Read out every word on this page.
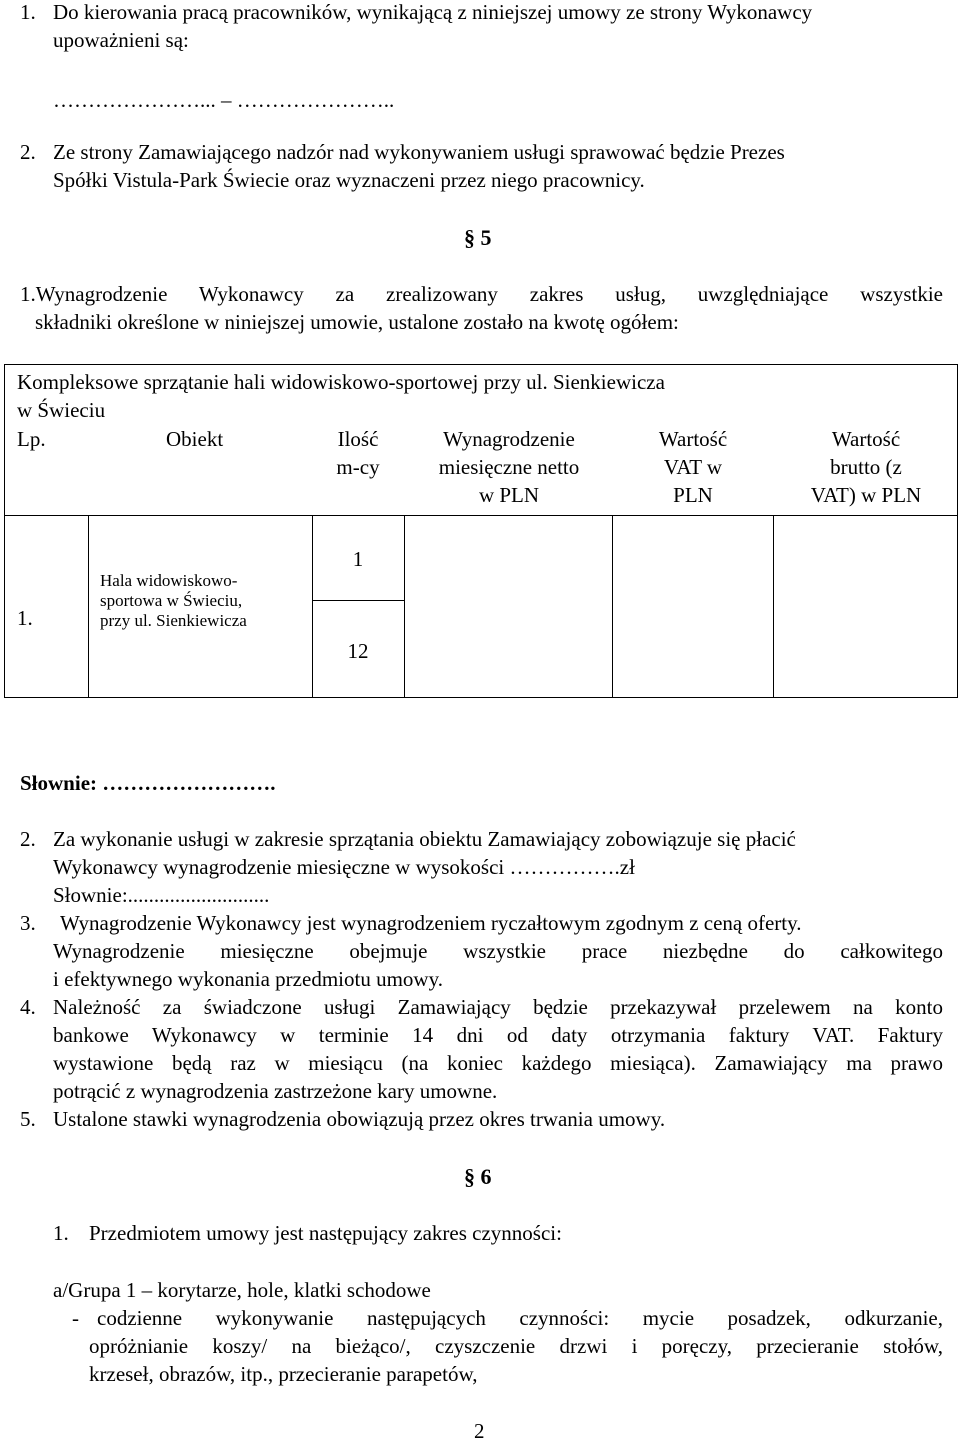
1. Do kierowania pracą pracowników, wynikającą z niniejszej umowy ze strony Wykonawcy
upoważnieni są:
…………………... – …………………..
2. Ze strony Zamawiającego nadzór nad wykonywaniem usługi sprawować będzie Prezes
Spółki Vistula-Park Świecie oraz wyznaczeni przez niego pracownicy.
§ 5
1.Wynagrodzenie Wykonawcy za zrealizowany zakres usług, uwzględniające wszystkie
składniki określone w niniejszej umowie, ustalone zostało na kwotę ogółem:
Kompleksowe sprzątanie hali widowiskowo-sportowej przy ul. Sienkiewicza
w Świeciu
Lp.	Obiekt	Ilość
m-cy
Wynagrodzenie
miesięczne netto
w PLN
Wartość
VAT w
PLN
Wartość
brutto (z
VAT) w PLN
1.
Hala widowiskowo-sportowa w Świeciu, przy ul. Sienkiewicza
1
12
Słownie: …………………….
2. Za wykonanie usługi w zakresie sprzątania obiektu Zamawiający zobowiązuje się płacić
Wykonawcy wynagrodzenie miesięczne w wysokości …………….zł
Słownie:...........................
3. Wynagrodzenie Wykonawcy jest wynagrodzeniem ryczałtowym zgodnym z ceną oferty.
Wynagrodzenie miesięczne obejmuje wszystkie prace niezbędne do całkowitego
i efektywnego wykonania przedmiotu umowy.
4. Należność za świadczone usługi Zamawiający będzie przekazywał przelewem na konto
bankowe Wykonawcy w terminie 14 dni od daty otrzymania faktury VAT. Faktury
wystawione będą raz w miesiącu (na koniec każdego miesiąca). Zamawiający ma prawo
potrącić z wynagrodzenia zastrzeżone kary umowne.
5. Ustalone stawki wynagrodzenia obowiązują przez okres trwania umowy.
§ 6
1. Przedmiotem umowy jest następujący zakres czynności:
a/Grupa 1 – korytarze, hole, klatki schodowe
- codzienne wykonywanie następujących czynności: mycie posadzek, odkurzanie,
opróżnianie koszy/ na bieżąco/, czyszczenie drzwi i poręczy, przecieranie stołów,
krzeseł, obrazów, itp., przecieranie parapetów,
2
